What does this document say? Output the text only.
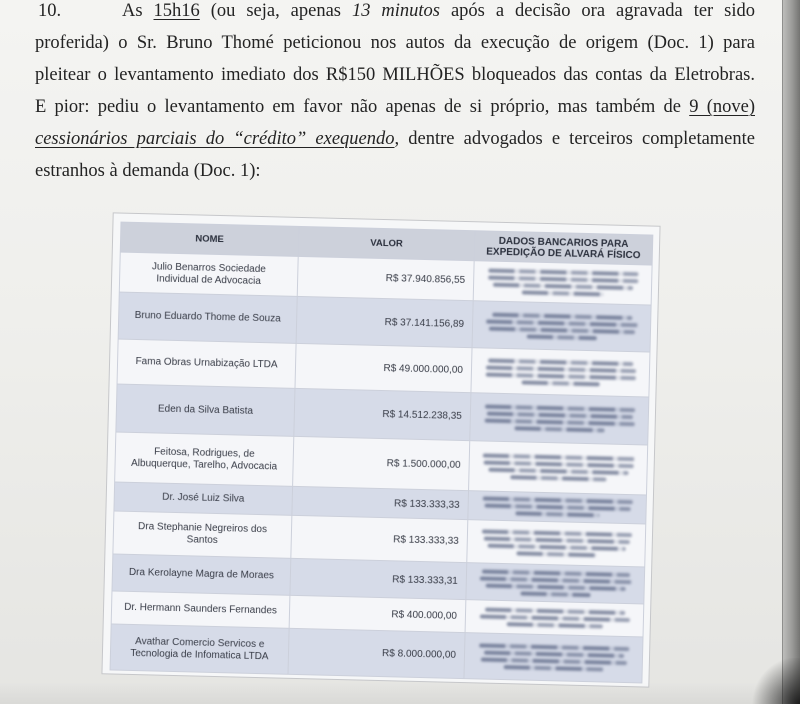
10.	As 15h16 (ou seja, apenas 13 minutos após a decisão ora agravada ter sido
proferida) o Sr. Bruno Thomé peticionou nos autos da execução de origem (Doc. 1) para
pleitear o levantamento imediato dos R$150 MILHÕES bloqueados das contas da Eletrobras.
E pior: pediu o levantamento em favor não apenas de si próprio, mas também de 9 (nove)
cessionários parciais do “crédito” exequendo, dentre advogados e terceiros completamente
estranhos à demanda (Doc. 1):
NOME	VALOR	DADOS BANCARIOS PARA EXPEDIÇÃO DE ALVARÁ FÍSICO

Julio Benarros Sociedade Individual de Advocacia	R$ 37.940.856,55	

Bruno Eduardo Thome de Souza	R$ 37.141.156,89	

Fama Obras Urnabização LTDA	R$ 49.000.000,00	

Eden da Silva Batista	R$ 14.512.238,35	

Feitosa, Rodrigues, de Albuquerque, Tarelho, Advocacia	R$ 1.500.000,00	

Dr. José Luiz Silva	R$ 133.333,33	

Dra Stephanie Negreiros dos Santos	R$ 133.333,33	

Dra Kerolayne Magra de Moraes	R$ 133.333,31	

Dr. Hermann Saunders Fernandes	R$ 400.000,00	

Avathar Comercio Servicos e Tecnologia de Infomatica LTDA	R$ 8.000.000,00	
